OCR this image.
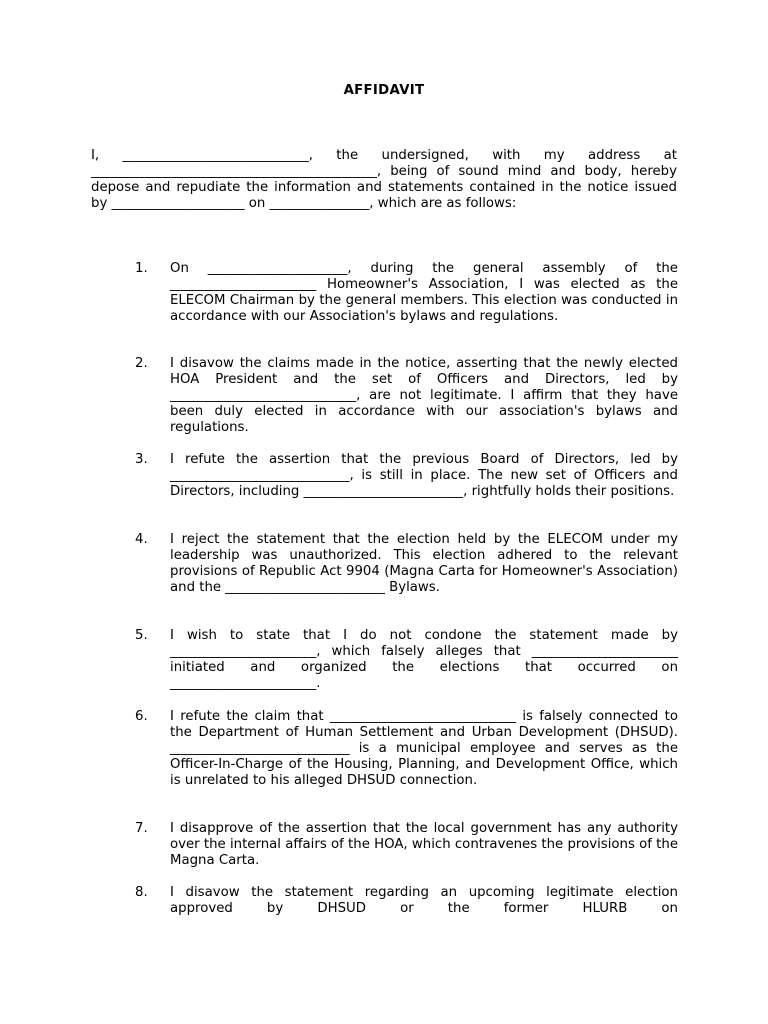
AFFIDAVIT
I, ____________________________, the undersigned, with my address at ___________________________________________, being of sound mind and body, hereby depose and repudiate the information and statements contained in the notice issued by ____________________ on _______________, which are as follows:
1.	On _____________________, during the general assembly of the ______________________ Homeowner's Association, I was elected as the ELECOM Chairman by the general members. This election was conducted in accordance with our Association's bylaws and regulations.
2.	I disavow the claims made in the notice, asserting that the newly elected HOA President and the set of Officers and Directors, led by ____________________________, are not legitimate. I affirm that they have been duly elected in accordance with our association's bylaws and regulations.
3.	I refute the assertion that the previous Board of Directors, led by ___________________________, is still in place. The new set of Officers and Directors, including ________________________, rightfully holds their positions.
4.	I reject the statement that the election held by the ELECOM under my leadership was unauthorized. This election adhered to the relevant provisions of Republic Act 9904 (Magna Carta for Homeowner's Association) and the ________________________ Bylaws.
5.	I wish to state that I do not condone the statement made by ______________________, which falsely alleges that ______________________ initiated and organized the elections that occurred on ______________________.
6.	I refute the claim that ____________________________ is falsely connected to the Department of Human Settlement and Urban Development (DHSUD). ___________________________ is a municipal employee and serves as the Officer-In-Charge of the Housing, Planning, and Development Office, which is unrelated to his alleged DHSUD connection.
7.	I disapprove of the assertion that the local government has any authority over the internal affairs of the HOA, which contravenes the provisions of the Magna Carta.
8.	I disavow the statement regarding an upcoming legitimate election approved by DHSUD or the former HLURB on
